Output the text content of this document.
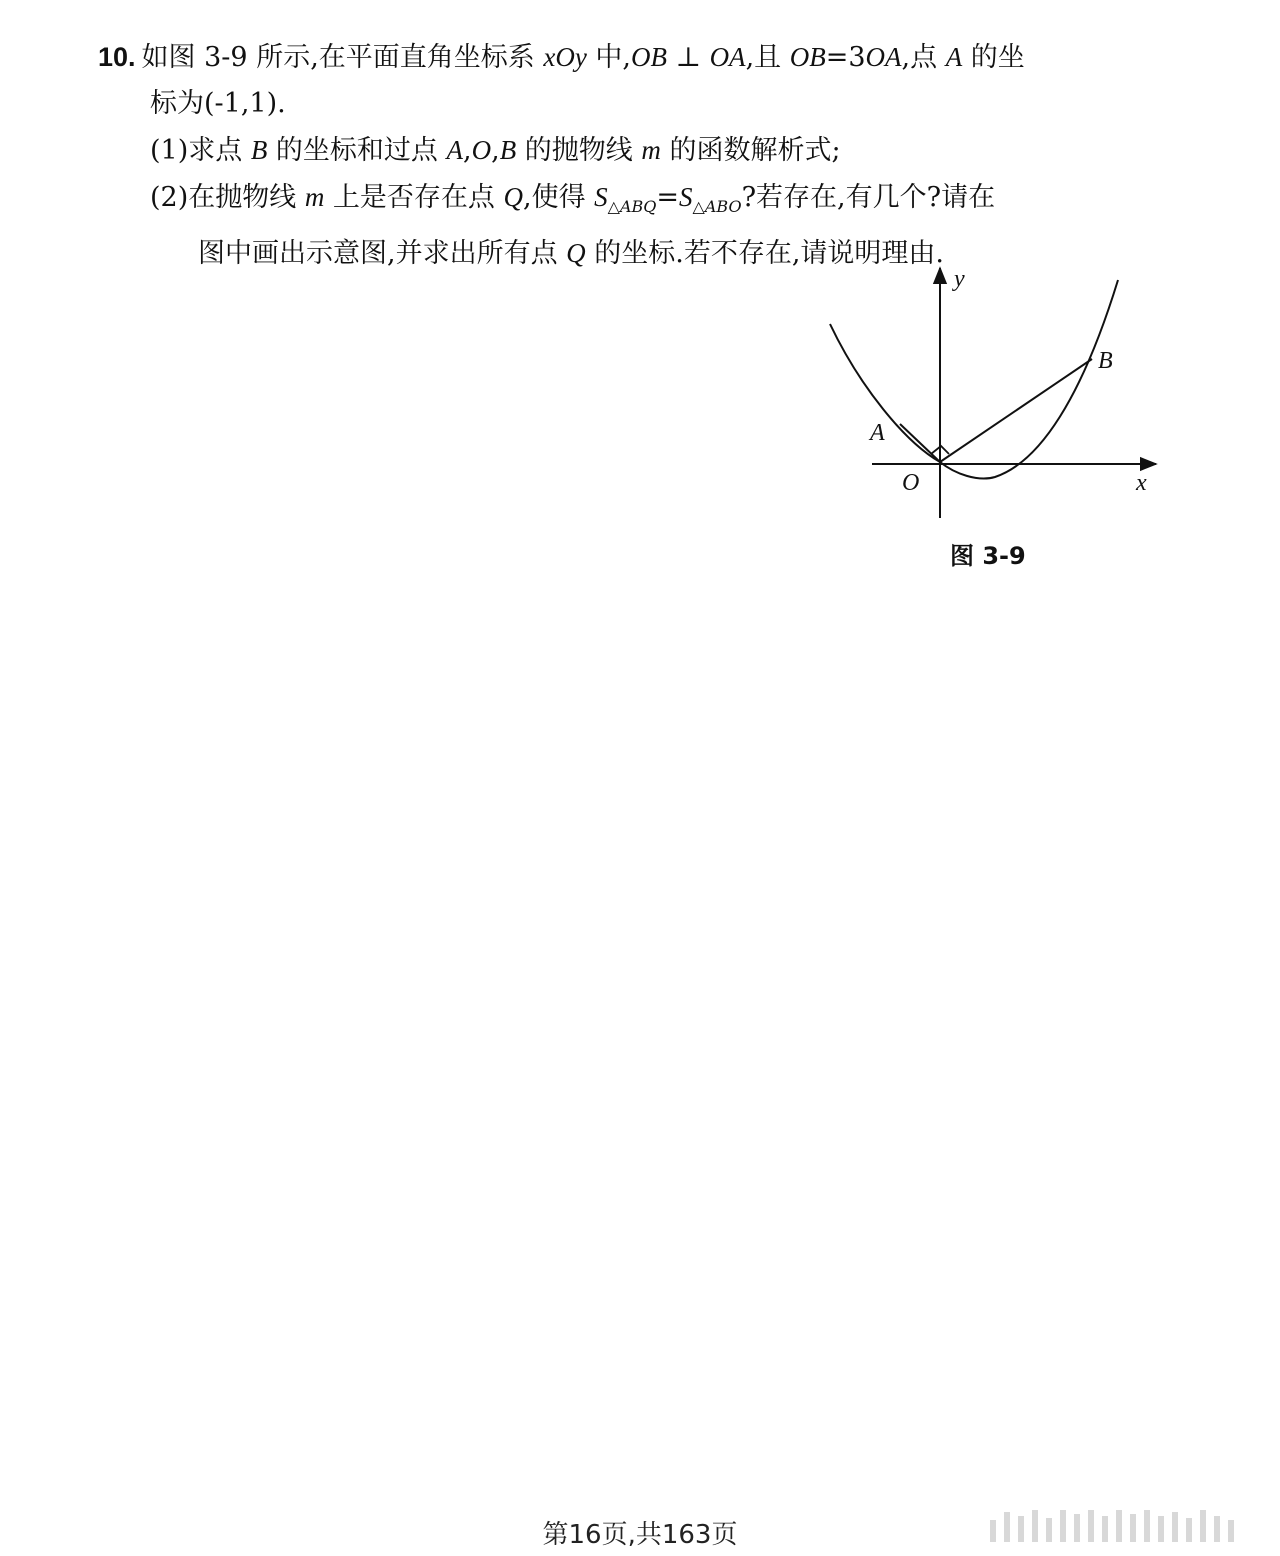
10. 如图 3-9 所示,在平面直角坐标系 xOy 中,OB ⊥ OA,且 OB=3OA,点 A 的坐
标为(-1,1).
(1)求点 B 的坐标和过点 A,O,B 的抛物线 m 的函数解析式;
(2)在抛物线 m 上是否存在点 Q,使得 $S_{\triangle ABQ}=S_{\triangle ABO}$?若存在,有几个?请在
图中画出示意图,并求出所有点 Q 的坐标.若不存在,请说明理由.
y
x
O
A
B
图 3-9
第16页,共163页
